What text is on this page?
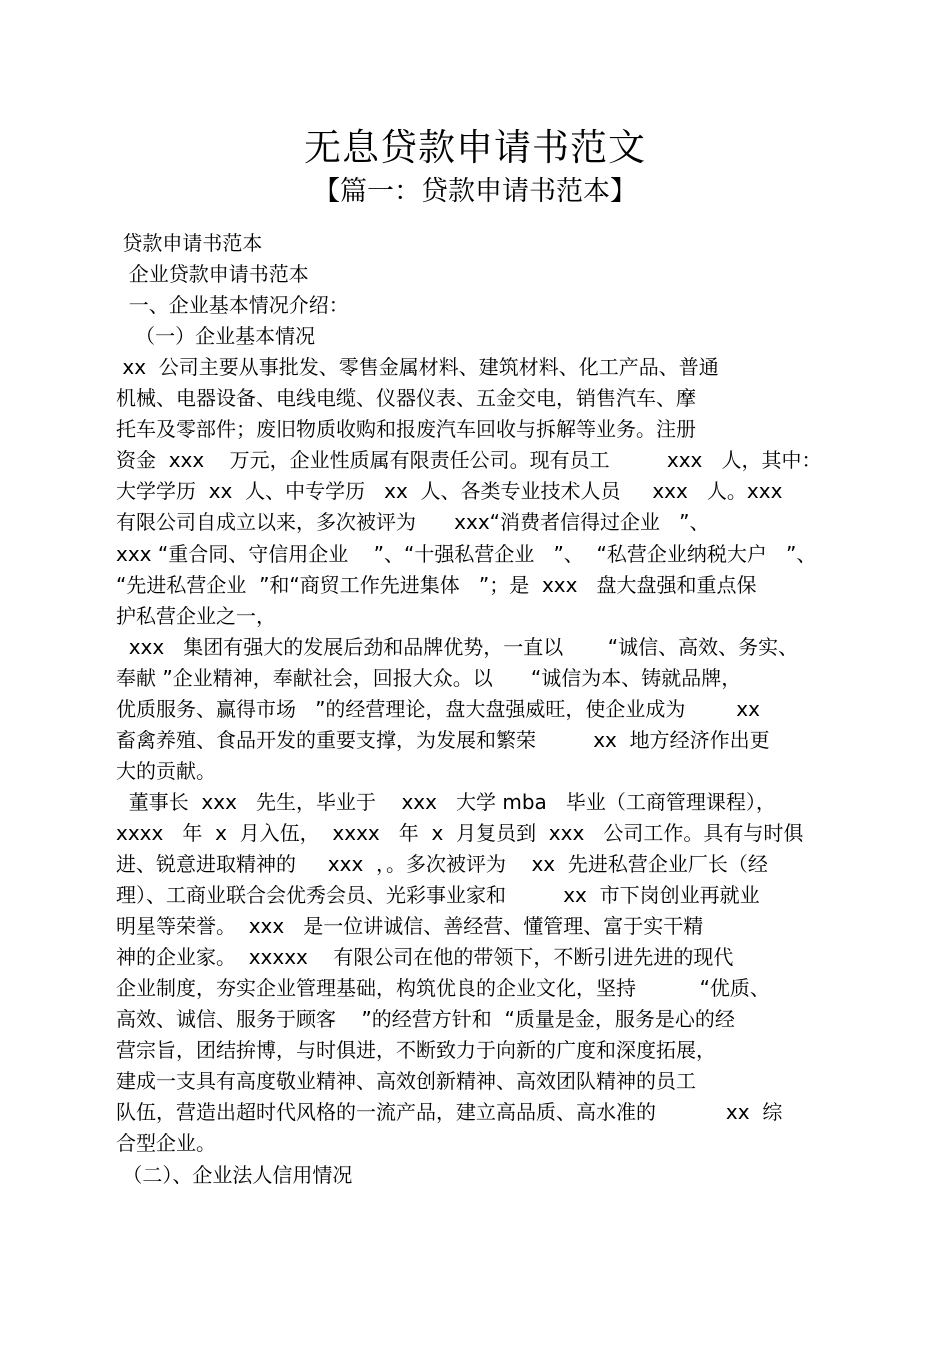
无息贷款申请书范文
【篇一：贷款申请书范本】
贷款申请书范本
企业贷款申请书范本
一、企业基本情况介绍：
（一）企业基本情况
xx  公司主要从事批发、零售金属材料、建筑材料、化工产品、普通
机械、电器设备、电线电缆、仪器仪表、五金交电，销售汽车、摩
托车及零部件；废旧物质收购和报废汽车回收与拆解等业务。注册
资金  xxx    万元，企业性质属有限责任公司。现有员工         xxx   人，其中：
大学学历  xx  人、中专学历   xx  人、各类专业技术人员     xxx   人。xxx
有限公司自成立以来，多次被评为      xxx“消费者信得过企业   ”、
xxx “重合同、守信用企业    ”、“十强私营企业   ”、  “私营企业纳税大户   ”、
“先进私营企业  ”和“商贸工作先进集体   ”；是  xxx   盘大盘强和重点保
护私营企业之一，
xxx   集团有强大的发展后劲和品牌优势，一直以       “诚信、高效、务实、
奉献 ”企业精神，奉献社会，回报大众。以      “诚信为本、铸就品牌，
优质服务、赢得市场   ”的经营理论，盘大盘强威旺，使企业成为        xx
畜禽养殖、食品开发的重要支撑，为发展和繁荣         xx  地方经济作出更
大的贡献。
董事长  xxx   先生，毕业于    xxx   大学 mba   毕业（工商管理课程），
xxxx   年  x  月入伍，  xxxx   年  x  月复员到  xxx   公司工作。具有与时俱
进、锐意进取精神的     xxx  ，。多次被评为    xx  先进私营企业厂长（经
理）、工商业联合会优秀会员、光彩事业家和         xx  市下岗创业再就业
明星等荣誉。  xxx   是一位讲诚信、善经营、懂管理、富于实干精
神的企业家。  xxxxx    有限公司在他的带领下，不断引进先进的现代
企业制度，夯实企业管理基础，构筑优良的企业文化，坚持          “优质、
高效、诚信、服务于顾客    ”的经营方针和  “质量是金，服务是心的经
营宗旨，团结拚博，与时俱进，不断致力于向新的广度和深度拓展，
建成一支具有高度敬业精神、高效创新精神、高效团队精神的员工
队伍，营造出超时代风格的一流产品，建立高品质、高水准的           xx  综
合型企业。
（二）、企业法人信用情况
